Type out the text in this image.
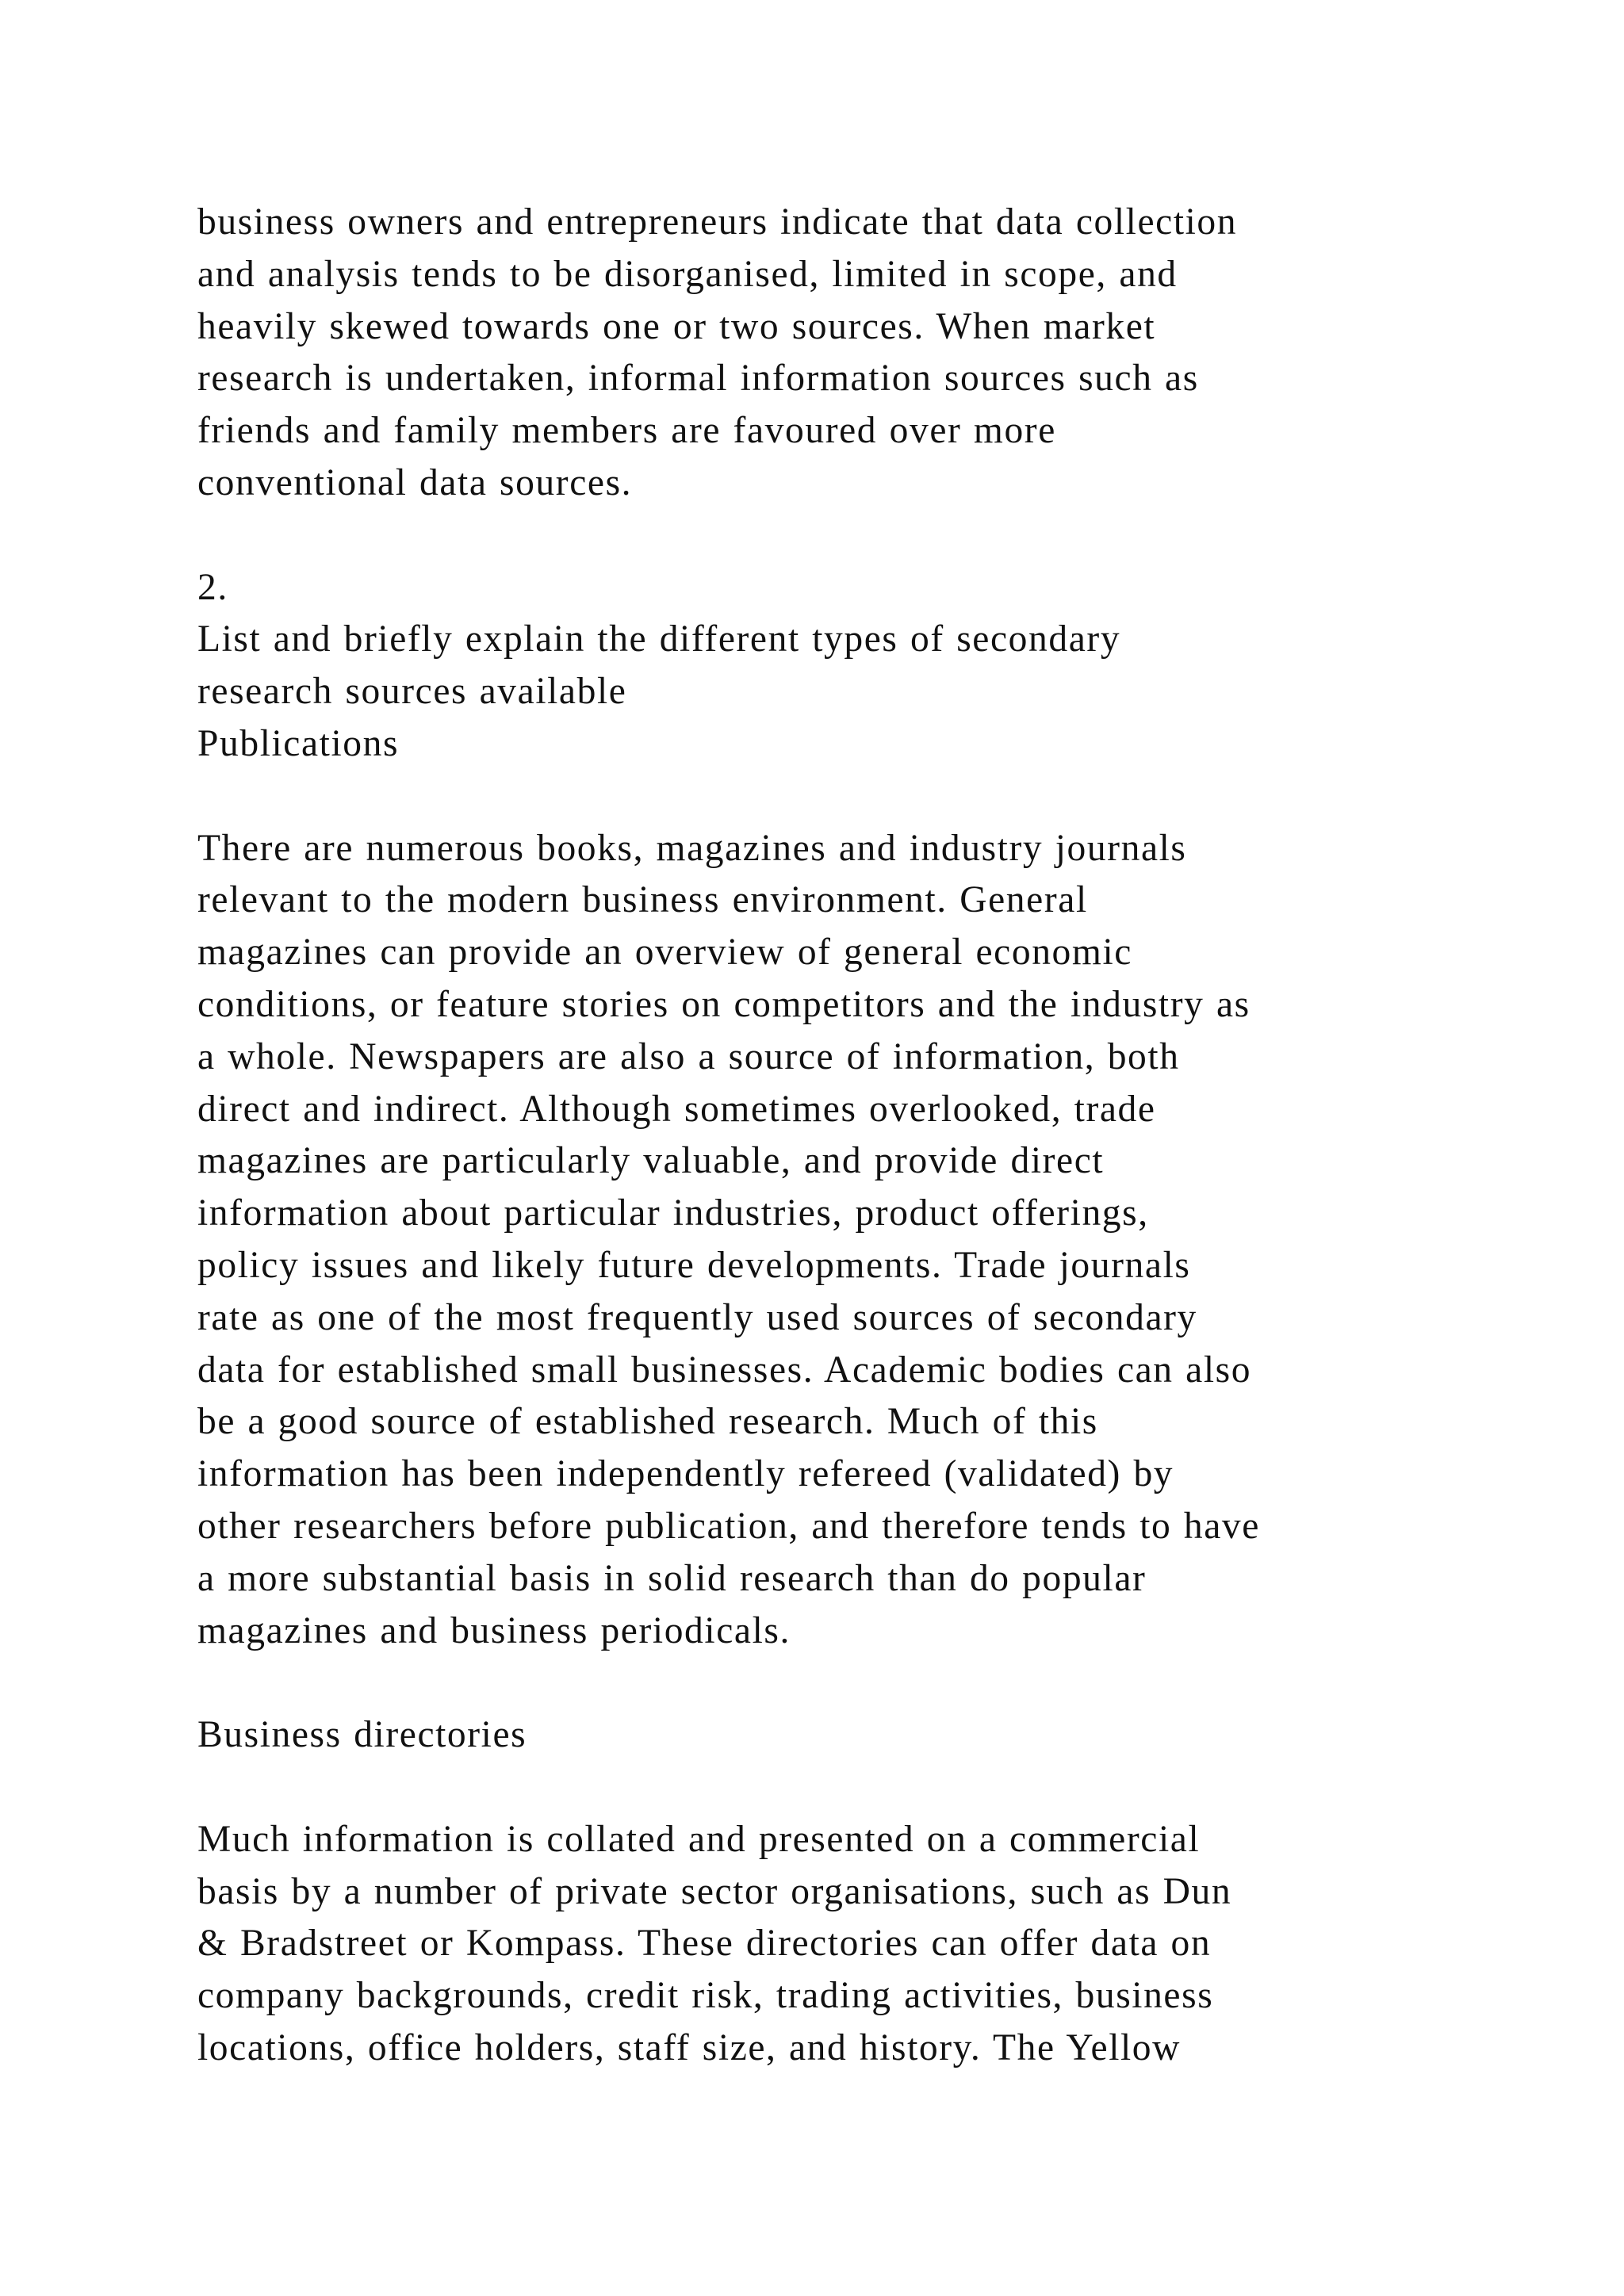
business owners and entrepreneurs indicate that data collection
and analysis tends to be disorganised, limited in scope, and
heavily skewed towards one or two sources. When market
research is undertaken, informal information sources such as
friends and family members are favoured over more
conventional data sources.
2.
List and briefly explain the different types of secondary
research sources available
Publications
There are numerous books, magazines and industry journals
relevant to the modern business environment. General
magazines can provide an overview of general economic
conditions, or feature stories on competitors and the industry as
a whole. Newspapers are also a source of information, both
direct and indirect. Although sometimes overlooked, trade
magazines are particularly valuable, and provide direct
information about particular industries, product offerings,
policy issues and likely future developments. Trade journals
rate as one of the most frequently used sources of secondary
data for established small businesses. Academic bodies can also
be a good source of established research. Much of this
information has been independently refereed (validated) by
other researchers before publication, and therefore tends to have
a more substantial basis in solid research than do popular
magazines and business periodicals.
Business directories
Much information is collated and presented on a commercial
basis by a number of private sector organisations, such as Dun
& Bradstreet or Kompass. These directories can offer data on
company backgrounds, credit risk, trading activities, business
locations, office holders, staff size, and history. The Yellow
